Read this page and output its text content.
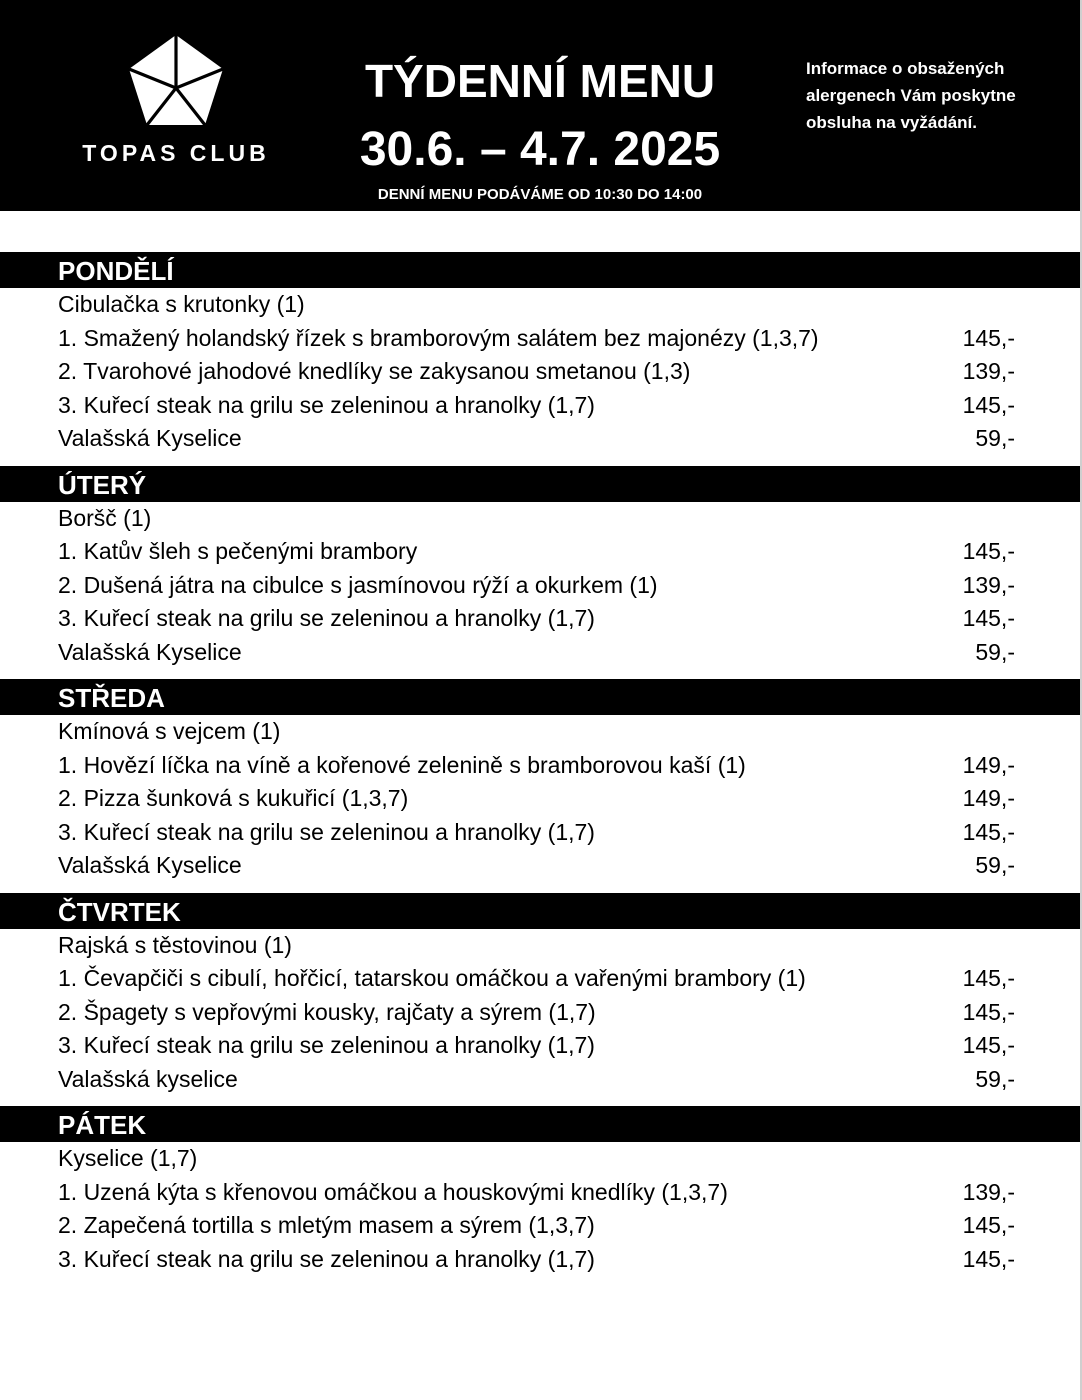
TOPAS CLUB
TÝDENNÍ MENU
30.6. – 4.7. 2025
DENNÍ MENU PODÁVÁME OD 10:30 DO 14:00
Informace o obsažených
alergenech Vám poskytne
obsluha na vyžádání.
PONDĚLÍ
Cibulačka s krutonky (1)
1. Smažený holandský řízek s bramborovým salátem bez majonézy (1,3,7)	145,-
2. Tvarohové jahodové knedlíky se zakysanou smetanou (1,3)	139,-
3. Kuřecí steak na grilu se zeleninou a hranolky (1,7)	145,-
Valašská Kyselice	59,-
ÚTERÝ
Boršč (1)
1. Katův šleh s pečenými brambory	145,-
2. Dušená játra na cibulce s jasmínovou rýží a okurkem (1)	139,-
3. Kuřecí steak na grilu se zeleninou a hranolky (1,7)	145,-
Valašská Kyselice	59,-
STŘEDA
Kmínová s vejcem (1)
1. Hovězí líčka na víně a kořenové zelenině s bramborovou kaší (1)	149,-
2. Pizza šunková s kukuřicí (1,3,7)	149,-
3. Kuřecí steak na grilu se zeleninou a hranolky (1,7)	145,-
Valašská Kyselice	59,-
ČTVRTEK
Rajská s těstovinou (1)
1. Čevapčiči s cibulí, hořčicí, tatarskou omáčkou a vařenými brambory (1)	145,-
2. Špagety s vepřovými kousky, rajčaty a sýrem (1,7)	145,-
3. Kuřecí steak na grilu se zeleninou a hranolky (1,7)	145,-
Valašská kyselice	59,-
PÁTEK
Kyselice (1,7)
1. Uzená kýta s křenovou omáčkou a houskovými knedlíky (1,3,7)	139,-
2. Zapečená tortilla s mletým masem a sýrem (1,3,7)	145,-
3. Kuřecí steak na grilu se zeleninou a hranolky (1,7)	145,-
